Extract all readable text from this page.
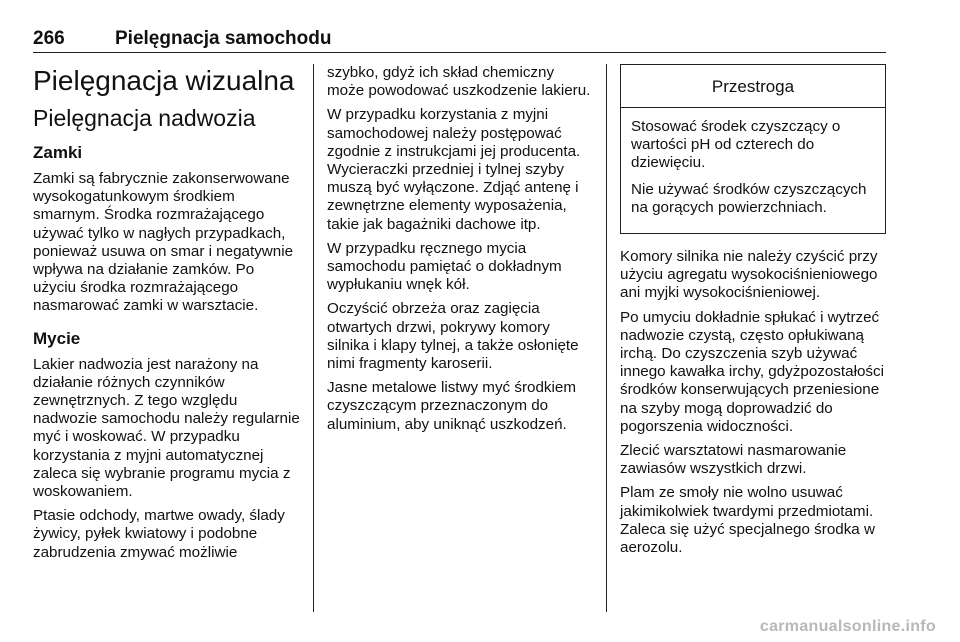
266	Pielęgnacja samochodu
Pielęgnacja wizualna
Pielęgnacja nadwozia
Zamki

Zamki są fabrycznie zakonserwowane wysokogatunkowym środkiem smarnym. Środka rozmrażającego używać tylko w nagłych przypadkach, ponieważ usuwa on smar i negatywnie wpływa na działanie zamków. Po użyciu środka rozmrażającego nasmarować zamki w warsztacie.

Mycie

Lakier nadwozia jest narażony na działanie różnych czynników zewnętrznych. Z tego względu nadwozie samochodu należy regularnie myć i woskować. W przypadku korzystania z myjni automatycznej zaleca się wybranie programu mycia z woskowaniem.

Ptasie odchody, martwe owady, ślady żywicy, pyłek kwiatowy i podobne zabrudzenia zmywać możliwie

szybko, gdyż ich skład chemiczny może powodować uszkodzenie lakieru.

W przypadku korzystania z myjni samochodowej należy postępować zgodnie z instrukcjami jej producenta. Wycieraczki przedniej i tylnej szyby muszą być wyłączone. Zdjąć antenę i zewnętrzne elementy wyposażenia, takie jak bagażniki dachowe itp.

W przypadku ręcznego mycia samochodu pamiętać o dokładnym wypłukaniu wnęk kół.

Oczyścić obrzeża oraz zagięcia otwartych drzwi, pokrywy komory silnika i klapy tylnej, a także osłonięte nimi fragmenty karoserii.

Jasne metalowe listwy myć środkiem czyszczącym przeznaczonym do aluminium, aby uniknąć uszkodzeń.

Przestroga

Stosować środek czyszczący o wartości pH od czterech do dziewięciu.

Nie używać środków czyszczących na gorących powierzchniach.

Komory silnika nie należy czyścić przy użyciu agregatu wysokociśnieniowego ani myjki wysokociśnieniowej.

Po umyciu dokładnie spłukać i wytrzeć nadwozie czystą, często opłukiwaną irchą. Do czyszczenia szyb używać innego kawałka irchy, gdyżpozostałości środków konserwujących przeniesione na szyby mogą doprowadzić do pogorszenia widoczności.

Zlecić warsztatowi nasmarowanie zawiasów wszystkich drzwi.

Plam ze smoły nie wolno usuwać jakimikolwiek twardymi przedmiotami. Zaleca się użyć specjalnego środka w aerozolu.

carmanualsonline.info
